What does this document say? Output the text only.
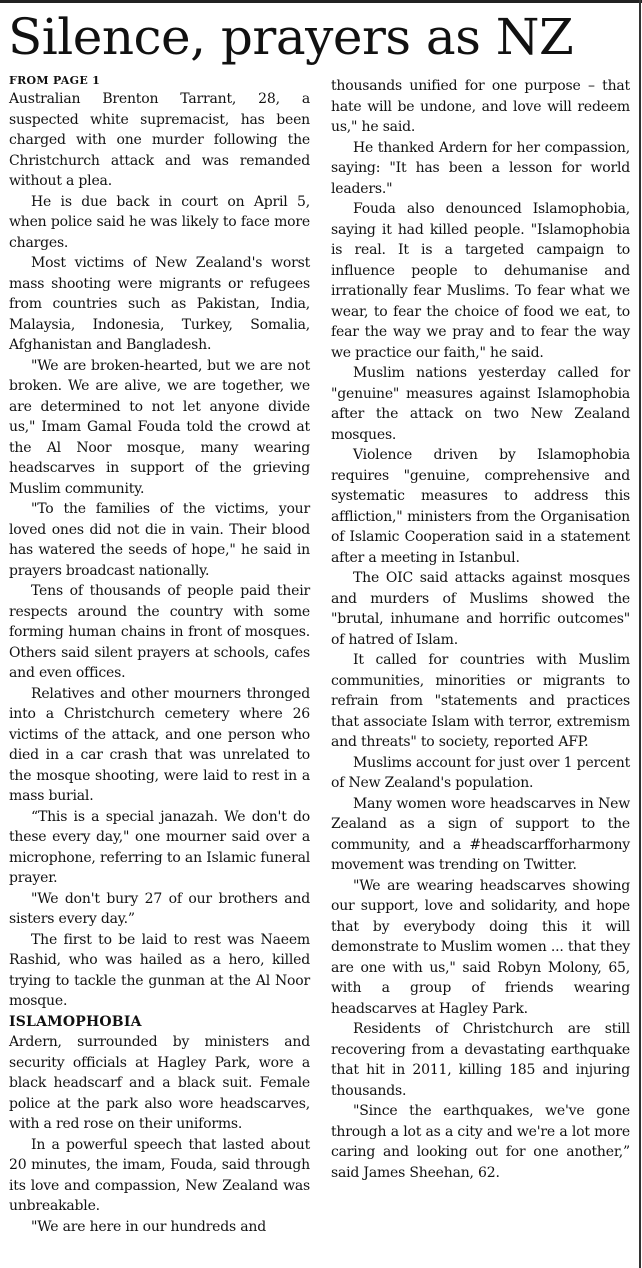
Silence, prayers as NZ
FROM PAGE 1

Australian Brenton Tarrant, 28, a suspected white supremacist, has been charged with one murder following the Christchurch attack and was remanded without a plea.

He is due back in court on April 5, when police said he was likely to face more charges.

Most victims of New Zealand's worst mass shooting were migrants or refugees from countries such as Pakistan, India, Malaysia, Indonesia, Turkey, Somalia, Afghanistan and Bangladesh.

"We are broken-hearted, but we are not broken. We are alive, we are together, we are determined to not let anyone divide us," Imam Gamal Fouda told the crowd at the Al Noor mosque, many wearing headscarves in support of the grieving Muslim community.

"To the families of the victims, your loved ones did not die in vain. Their blood has watered the seeds of hope," he said in prayers broadcast nationally.

Tens of thousands of people paid their respects around the country with some forming human chains in front of mosques. Others said silent prayers at schools, cafes and even offices.

Relatives and other mourners thronged into a Christchurch cemetery where 26 victims of the attack, and one person who died in a car crash that was unrelated to the mosque shooting, were laid to rest in a mass burial.

“This is a special janazah. We don't do these every day," one mourner said over a microphone, referring to an Islamic funeral prayer.

"We don't bury 27 of our brothers and sisters every day.”

The first to be laid to rest was Naeem Rashid, who was hailed as a hero, killed trying to tackle the gunman at the Al Noor mosque.

ISLAMOPHOBIA

Ardern, surrounded by ministers and security officials at Hagley Park, wore a black headscarf and a black suit. Female police at the park also wore headscarves, with a red rose on their uniforms.

In a powerful speech that lasted about 20 minutes, the imam, Fouda, said through its love and compassion, New Zealand was unbreakable.

"We are here in our hundreds and

thousands unified for one purpose – that hate will be undone, and love will redeem us," he said.

He thanked Ardern for her compassion, saying: "It has been a lesson for world leaders."

Fouda also denounced Islamophobia, saying it had killed people. "Islamophobia is real. It is a targeted campaign to influence people to dehumanise and irrationally fear Muslims. To fear what we wear, to fear the choice of food we eat, to fear the way we pray and to fear the way we practice our faith," he said.

Muslim nations yesterday called for "genuine" measures against Islamophobia after the attack on two New Zealand mosques.

Violence driven by Islamophobia requires "genuine, comprehensive and systematic measures to address this affliction," ministers from the Organisation of Islamic Cooperation said in a statement after a meeting in Istanbul.

The OIC said attacks against mosques and murders of Muslims showed the "brutal, inhumane and horrific outcomes" of hatred of Islam.

It called for countries with Muslim communities, minorities or migrants to refrain from "statements and practices that associate Islam with terror, extremism and threats" to society, reported AFP.

Muslims account for just over 1 percent of New Zealand's population.

Many women wore headscarves in New Zealand as a sign of support to the community, and a #headscarfforharmony movement was trending on Twitter.

"We are wearing headscarves showing our support, love and solidarity, and hope that by everybody doing this it will demonstrate to Muslim women ... that they are one with us," said Robyn Molony, 65, with a group of friends wearing headscarves at Hagley Park.

Residents of Christchurch are still recovering from a devastating earthquake that hit in 2011, killing 185 and injuring thousands.

"Since the earthquakes, we've gone through a lot as a city and we're a lot more caring and looking out for one another,” said James Sheehan, 62.
